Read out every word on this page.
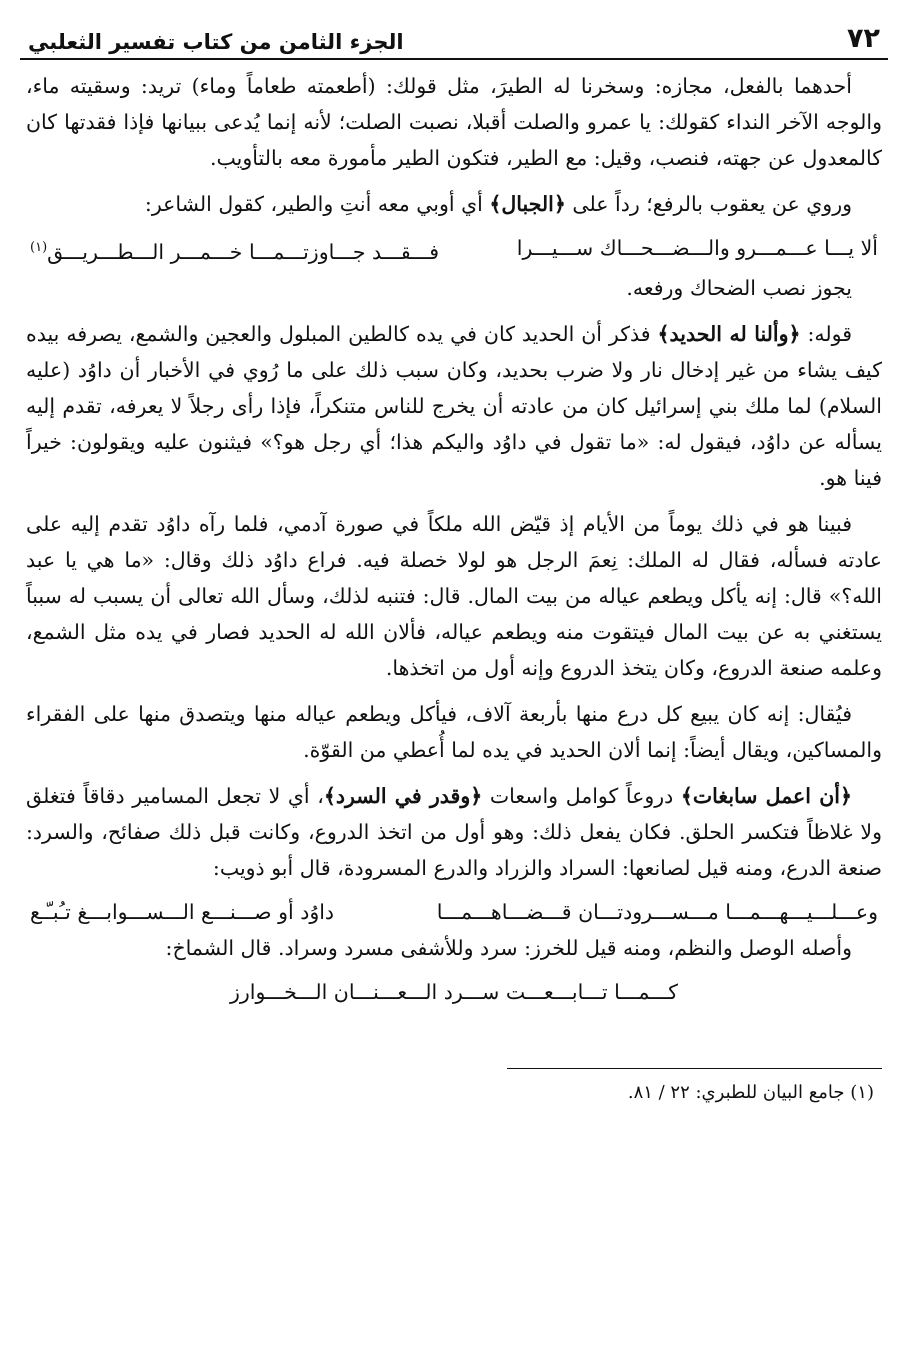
الجزء الثامن من كتاب تفسير الثعلبي	٧٢

أحدهما بالفعل، مجازه: وسخرنا له الطيرَ، مثل قولك: (أطعمته طعاماً وماء) تريد: وسقيته ماء، والوجه الآخر النداء كقولك: يا عمرو والصلت أقبلا، نصبت الصلت؛ لأنه إنما يُدعى ببيانها فإذا فقدتها كان كالمعدول عن جهته، فنصب، وقيل: مع الطير، فتكون الطير مأمورة معه بالتأويب.

وروي عن يعقوب بالرفع؛ رداً على ﴿الجبال﴾ أي أوبي معه أنتِ والطير، كقول الشاعر:

ألا يـــا عـــمـــرو والـــضـــحـــاك ســـيـــرا
فـــقـــد جـــاوزتـــمـــا خـــمـــر الـــطـــريـــق$^{(١)}$

يجوز نصب الضحاك ورفعه.

قوله: ﴿وألنا له الحديد﴾ فذكر أن الحديد كان في يده كالطين المبلول والعجين والشمع، يصرفه بيده كيف يشاء من غير إدخال نار ولا ضرب بحديد، وكان سبب ذلك على ما رُوي في الأخبار أن داوُد (عليه السلام) لما ملك بني إسرائيل كان من عادته أن يخرج للناس متنكراً، فإذا رأى رجلاً لا يعرفه، تقدم إليه يسأله عن داوُد، فيقول له: «ما تقول في داوُد واليكم هذا؛ أي رجل هو؟» فيثنون عليه ويقولون: خيراً فينا هو.

فبينا هو في ذلك يوماً من الأيام إذ قيّض الله ملكاً في صورة آدمي، فلما رآه داوُد تقدم إليه على عادته فسأله، فقال له الملك: نِعمَ الرجل هو لولا خصلة فيه. فراع داوُد ذلك وقال: «ما هي يا عبد الله؟» قال: إنه يأكل ويطعم عياله من بيت المال. قال: فتنبه لذلك، وسأل الله تعالى أن يسبب له سبباً يستغني به عن بيت المال فيتقوت منه ويطعم عياله، فألان الله له الحديد فصار في يده مثل الشمع، وعلمه صنعة الدروع، وكان يتخذ الدروع وإنه أول من اتخذها.

فيُقال: إنه كان يبيع كل درع منها بأربعة آلاف، فيأكل ويطعم عياله منها ويتصدق منها على الفقراء والمساكين، ويقال أيضاً: إنما ألان الحديد في يده لما أُعطي من القوّة.

﴿أن اعمل سابغات﴾ دروعاً كوامل واسعات ﴿وقدر في السرد﴾، أي لا تجعل المسامير دقاقاً فتغلق ولا غلاظاً فتكسر الحلق. فكان يفعل ذلك: وهو أول من اتخذ الدروع، وكانت قبل ذلك صفائح، والسرد: صنعة الدرع، ومنه قيل لصانعها: السراد والزراد والدرع المسرودة، قال أبو ذويب:

وعـــلـــيـــهـــمـــا مـــســـرودتـــان قـــضـــاهـــمـــا
داوُد أو صـــنـــع الـــســـوابـــغ تـُبـّـع

وأصله الوصل والنظم، ومنه قيل للخرز: سرد وللأشفى مسرد وسراد. قال الشماخ:

كـــمـــا تـــابـــعـــت ســـرد الـــعـــنـــان الـــخـــوارز
(١) جامع البيان للطبري: ٢٢ / ٨١.
